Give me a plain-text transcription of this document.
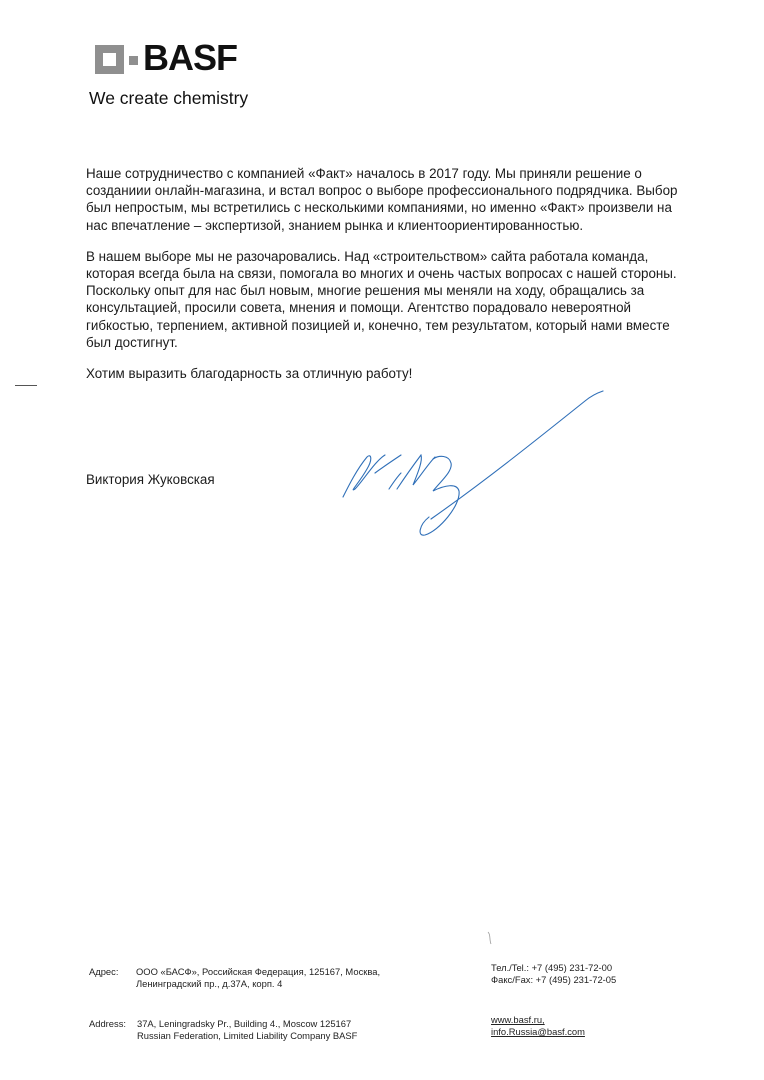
BASF
We create chemistry

Наше сотрудничество с компанией «Факт» началось в 2017 году. Мы приняли решение о созданиии онлайн-магазина, и встал вопрос о выборе профессионального подрядчика. Выбор был непростым, мы встретились с несколькими компаниями, но именно «Факт» произвели на нас впечатление – экспертизой, знанием рынка и клиентоориентированностью.

В нашем выборе мы не разочаровались. Над «строительством» сайта работала команда, которая всегда была на связи, помогала во многих и очень частых вопросах с нашей стороны. Поскольку опыт для нас был новым, многие решения мы меняли на ходу, обращались за консультацией, просили совета, мнения и помощи. Агентство порадовало невероятной гибкостью, терпением, активной позицией и, конечно, тем результатом, который нами вместе был достигнут.

Хотим выразить благодарность за отличную работу!

Виктория Жуковская
Адрес: ООО «БАСФ», Российская Федерация, 125167, Москва,
Ленинградский пр., д.37А, корп. 4
Тел./Tel.: +7 (495) 231-72-00
Факс/Fax: +7 (495) 231-72-05
Address: 37A, Leningradsky Pr., Building 4., Moscow 125167
Russian Federation, Limited Liability Company BASF
www.basf.ru,
info.Russia@basf.com
